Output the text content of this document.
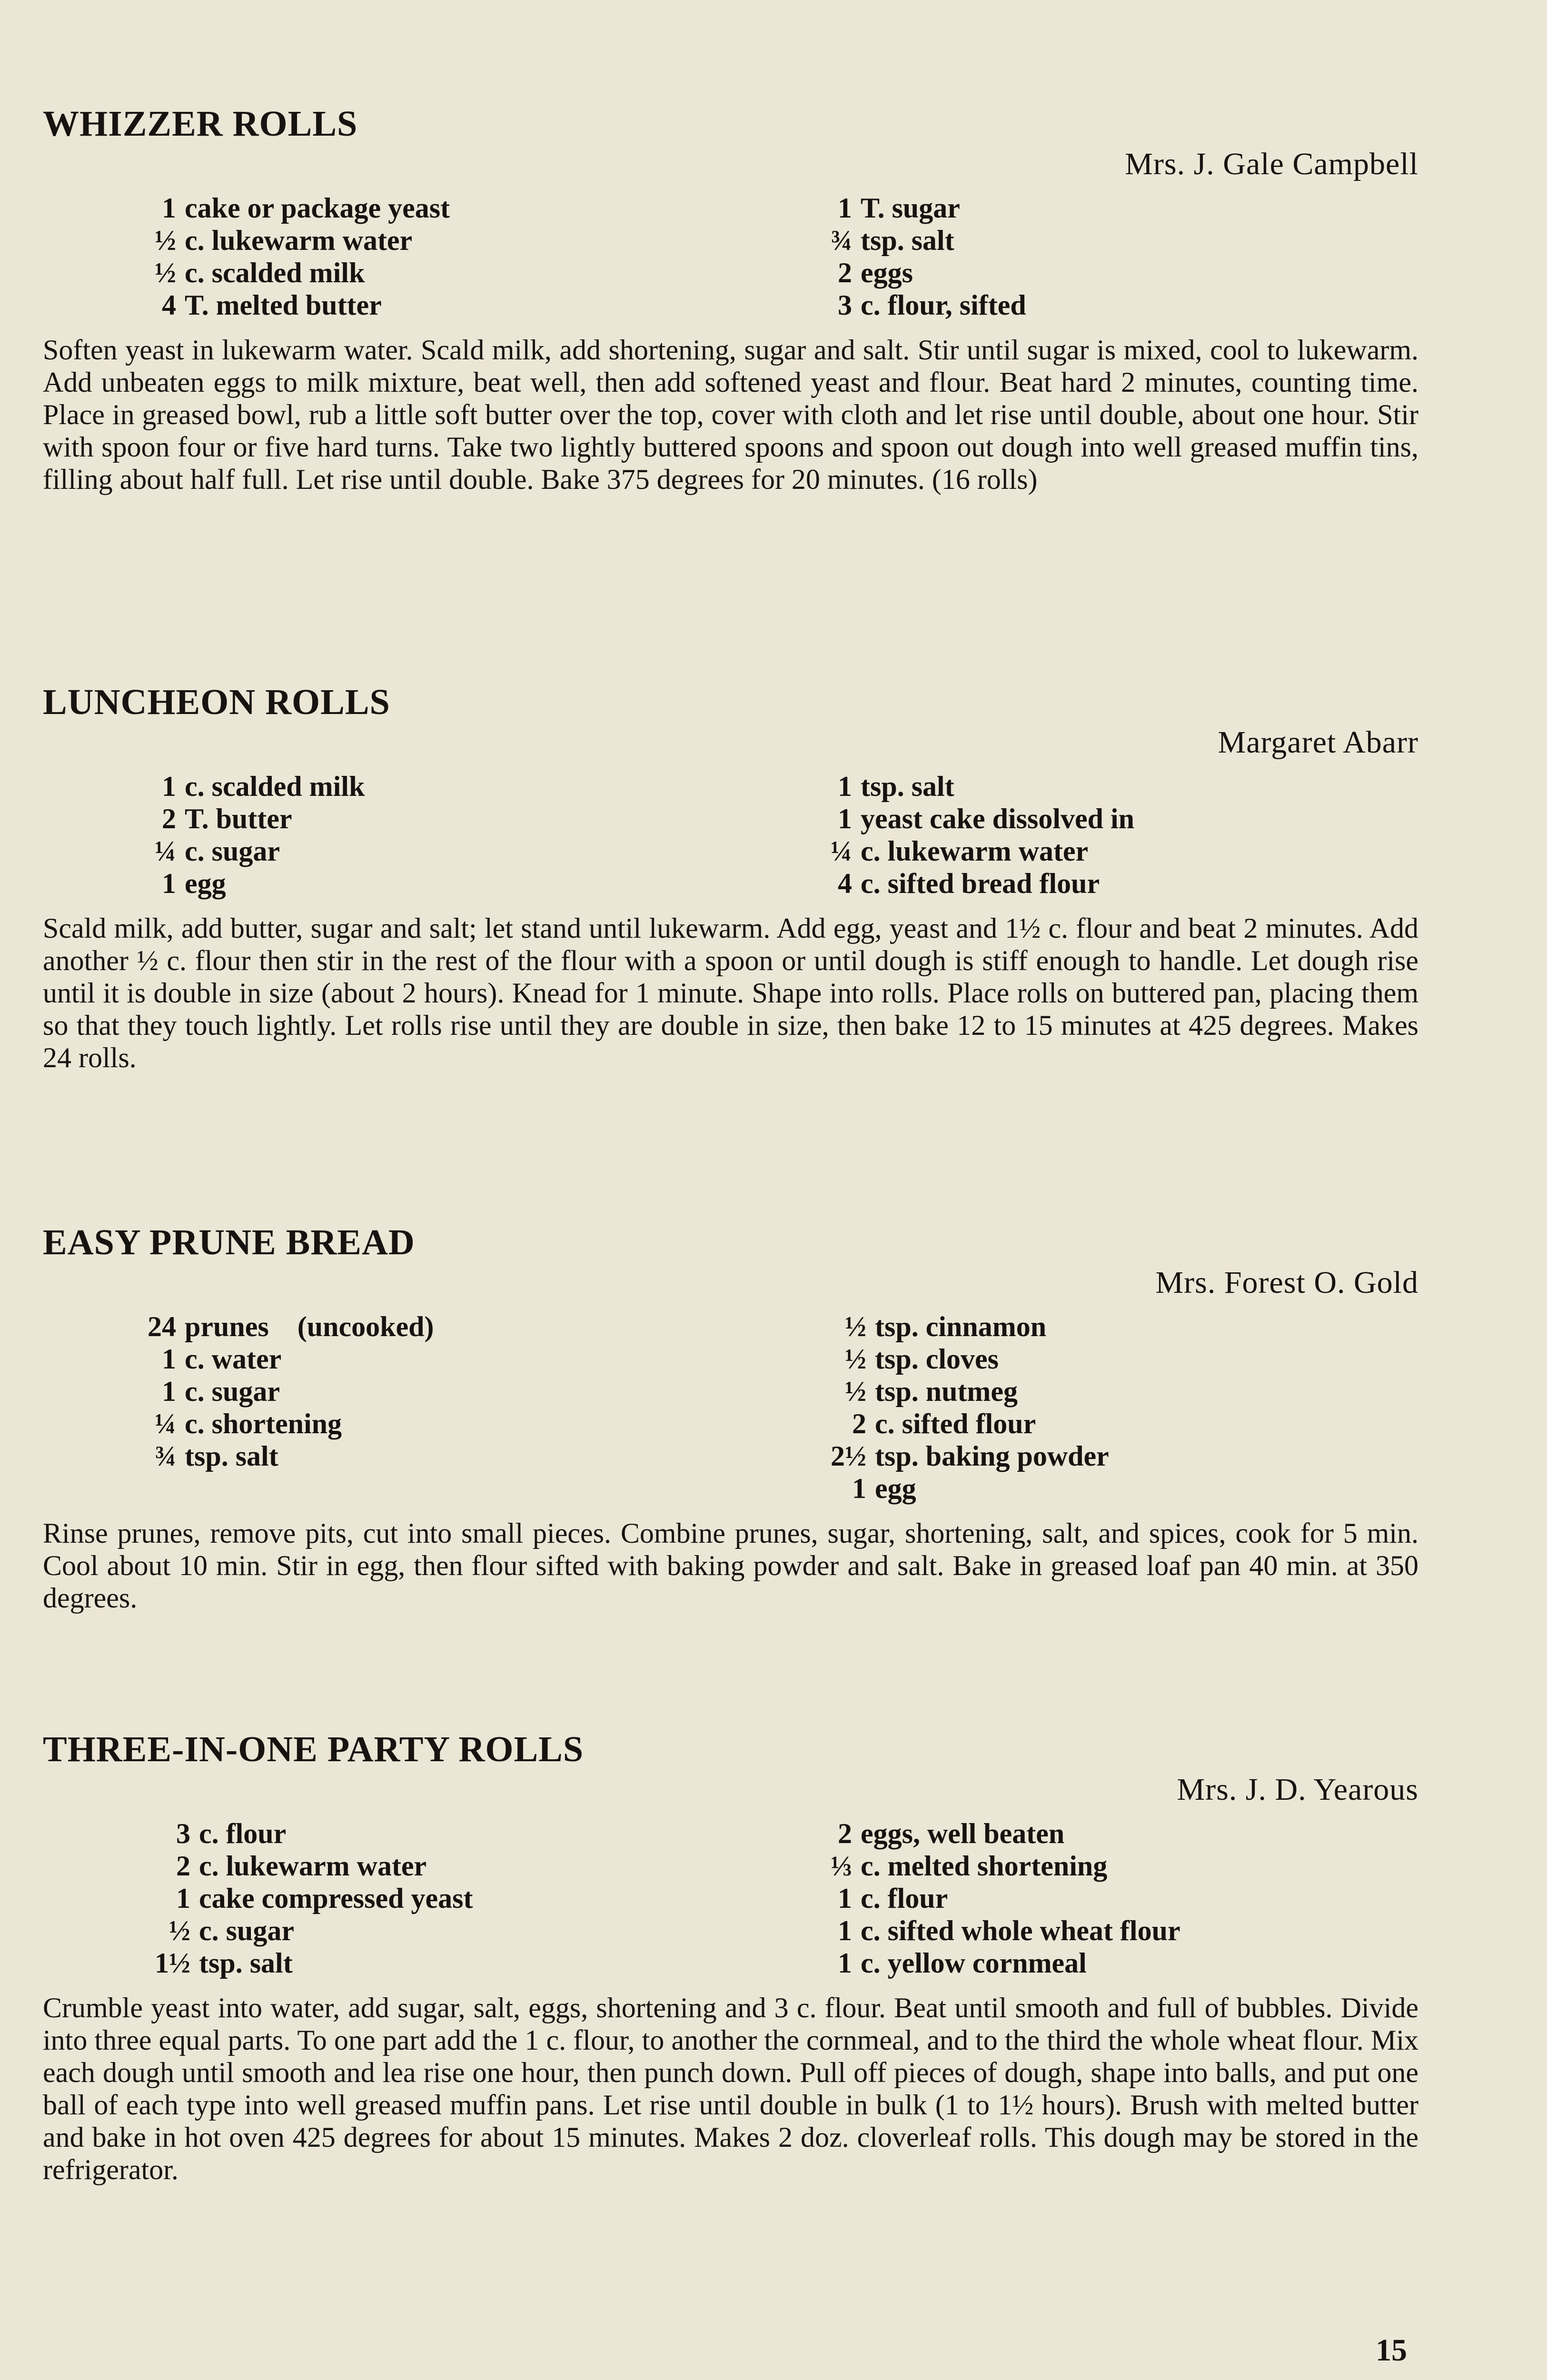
WHIZZER ROLLS
Mrs. J. Gale Campbell
1 cake or package yeast
½ c. lukewarm water
½ c. scalded milk
4 T. melted butter
1 T. sugar
¾ tsp. salt
2 eggs
3 c. flour, sifted

Soften yeast in lukewarm water. Scald milk, add shortening, sugar and salt. Stir until sugar is mixed, cool to lukewarm. Add unbeaten eggs to milk mixture, beat well, then add softened yeast and flour. Beat hard 2 minutes, counting time. Place in greased bowl, rub a little soft butter over the top, cover with cloth and let rise until double, about one hour. Stir with spoon four or five hard turns. Take two lightly buttered spoons and spoon out dough into well greased muffin tins, filling about half full. Let rise until double. Bake 375 degrees for 20 minutes. (16 rolls)

LUNCHEON ROLLS
Margaret Abarr
1 c. scalded milk
2 T. butter
¼ c. sugar
1 egg
1 tsp. salt
1 yeast cake dissolved in
¼ c. lukewarm water
4 c. sifted bread flour

Scald milk, add butter, sugar and salt; let stand until lukewarm. Add egg, yeast and 1½ c. flour and beat 2 minutes. Add another ½ c. flour then stir in the rest of the flour with a spoon or until dough is stiff enough to handle. Let dough rise until it is double in size (about 2 hours). Knead for 1 minute. Shape into rolls. Place rolls on buttered pan, placing them so that they touch lightly. Let rolls rise until they are double in size, then bake 12 to 15 minutes at 425 degrees. Makes 24 rolls.

EASY PRUNE BREAD
Mrs. Forest O. Gold
24 prunes    (uncooked)
1 c. water
1 c. sugar
¼ c. shortening
¾ tsp. salt
½ tsp. cinnamon
½ tsp. cloves
½ tsp. nutmeg
2 c. sifted flour
2½ tsp. baking powder
1 egg

Rinse prunes, remove pits, cut into small pieces. Combine prunes, sugar, shortening, salt, and spices, cook for 5 min. Cool about 10 min. Stir in egg, then flour sifted with baking powder and salt. Bake in greased loaf pan 40 min. at 350 degrees.

THREE-IN-ONE PARTY ROLLS
Mrs. J. D. Yearous
3 c. flour
2 c. lukewarm water
1 cake compressed yeast
½ c. sugar
1½ tsp. salt
2 eggs, well beaten
⅓ c. melted shortening
1 c. flour
1 c. sifted whole wheat flour
1 c. yellow cornmeal

Crumble yeast into water, add sugar, salt, eggs, shortening and 3 c. flour. Beat until smooth and full of bubbles. Divide into three equal parts. To one part add the 1 c. flour, to another the cornmeal, and to the third the whole wheat flour. Mix each dough until smooth and lea rise one hour, then punch down. Pull off pieces of dough, shape into balls, and put one ball of each type into well greased muffin pans. Let rise until double in bulk (1 to 1½ hours). Brush with melted butter and bake in hot oven 425 degrees for about 15 minutes. Makes 2 doz. cloverleaf rolls. This dough may be stored in the refrigerator.

15
